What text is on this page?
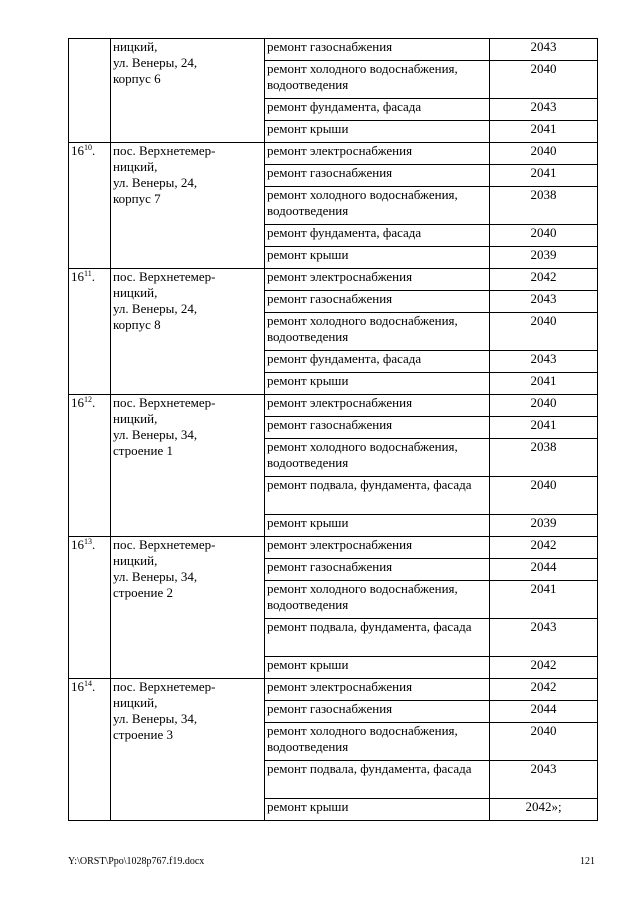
	ницкий,
ул. Венеры, 24,
корпус 6	ремонт газоснабжения	2043
		ремонт холодного водоснабжения, водоотведения	2040
		ремонт фундамента, фасада	2043
		ремонт крыши	2041
$16^{10}$.	пос. Верхнетемер-
ницкий,
ул. Венеры, 24,
корпус 7	ремонт электроснабжения	2040
		ремонт газоснабжения	2041
		ремонт холодного водоснабжения, водоотведения	2038
		ремонт фундамента, фасада	2040
		ремонт крыши	2039
$16^{11}$.	пос. Верхнетемер-
ницкий,
ул. Венеры, 24,
корпус 8	ремонт электроснабжения	2042
		ремонт газоснабжения	2043
		ремонт холодного водоснабжения, водоотведения	2040
		ремонт фундамента, фасада	2043
		ремонт крыши	2041
$16^{12}$.	пос. Верхнетемер-
ницкий,
ул. Венеры, 34,
строение 1	ремонт электроснабжения	2040
		ремонт газоснабжения	2041
		ремонт холодного водоснабжения, водоотведения	2038
		ремонт подвала, фундамента, фасада	2040
		ремонт крыши	2039
$16^{13}$.	пос. Верхнетемер-
ницкий,
ул. Венеры, 34,
строение 2	ремонт электроснабжения	2042
		ремонт газоснабжения	2044
		ремонт холодного водоснабжения, водоотведения	2041
		ремонт подвала, фундамента, фасада	2043
		ремонт крыши	2042
$16^{14}$.	пос. Верхнетемер-
ницкий,
ул. Венеры, 34,
строение 3	ремонт электроснабжения	2042
		ремонт газоснабжения	2044
		ремонт холодного водоснабжения, водоотведения	2040
		ремонт подвала, фундамента, фасада	2043
		ремонт крыши	2042»;
Y:\ORST\Ppo\1028p767.f19.docx	121
